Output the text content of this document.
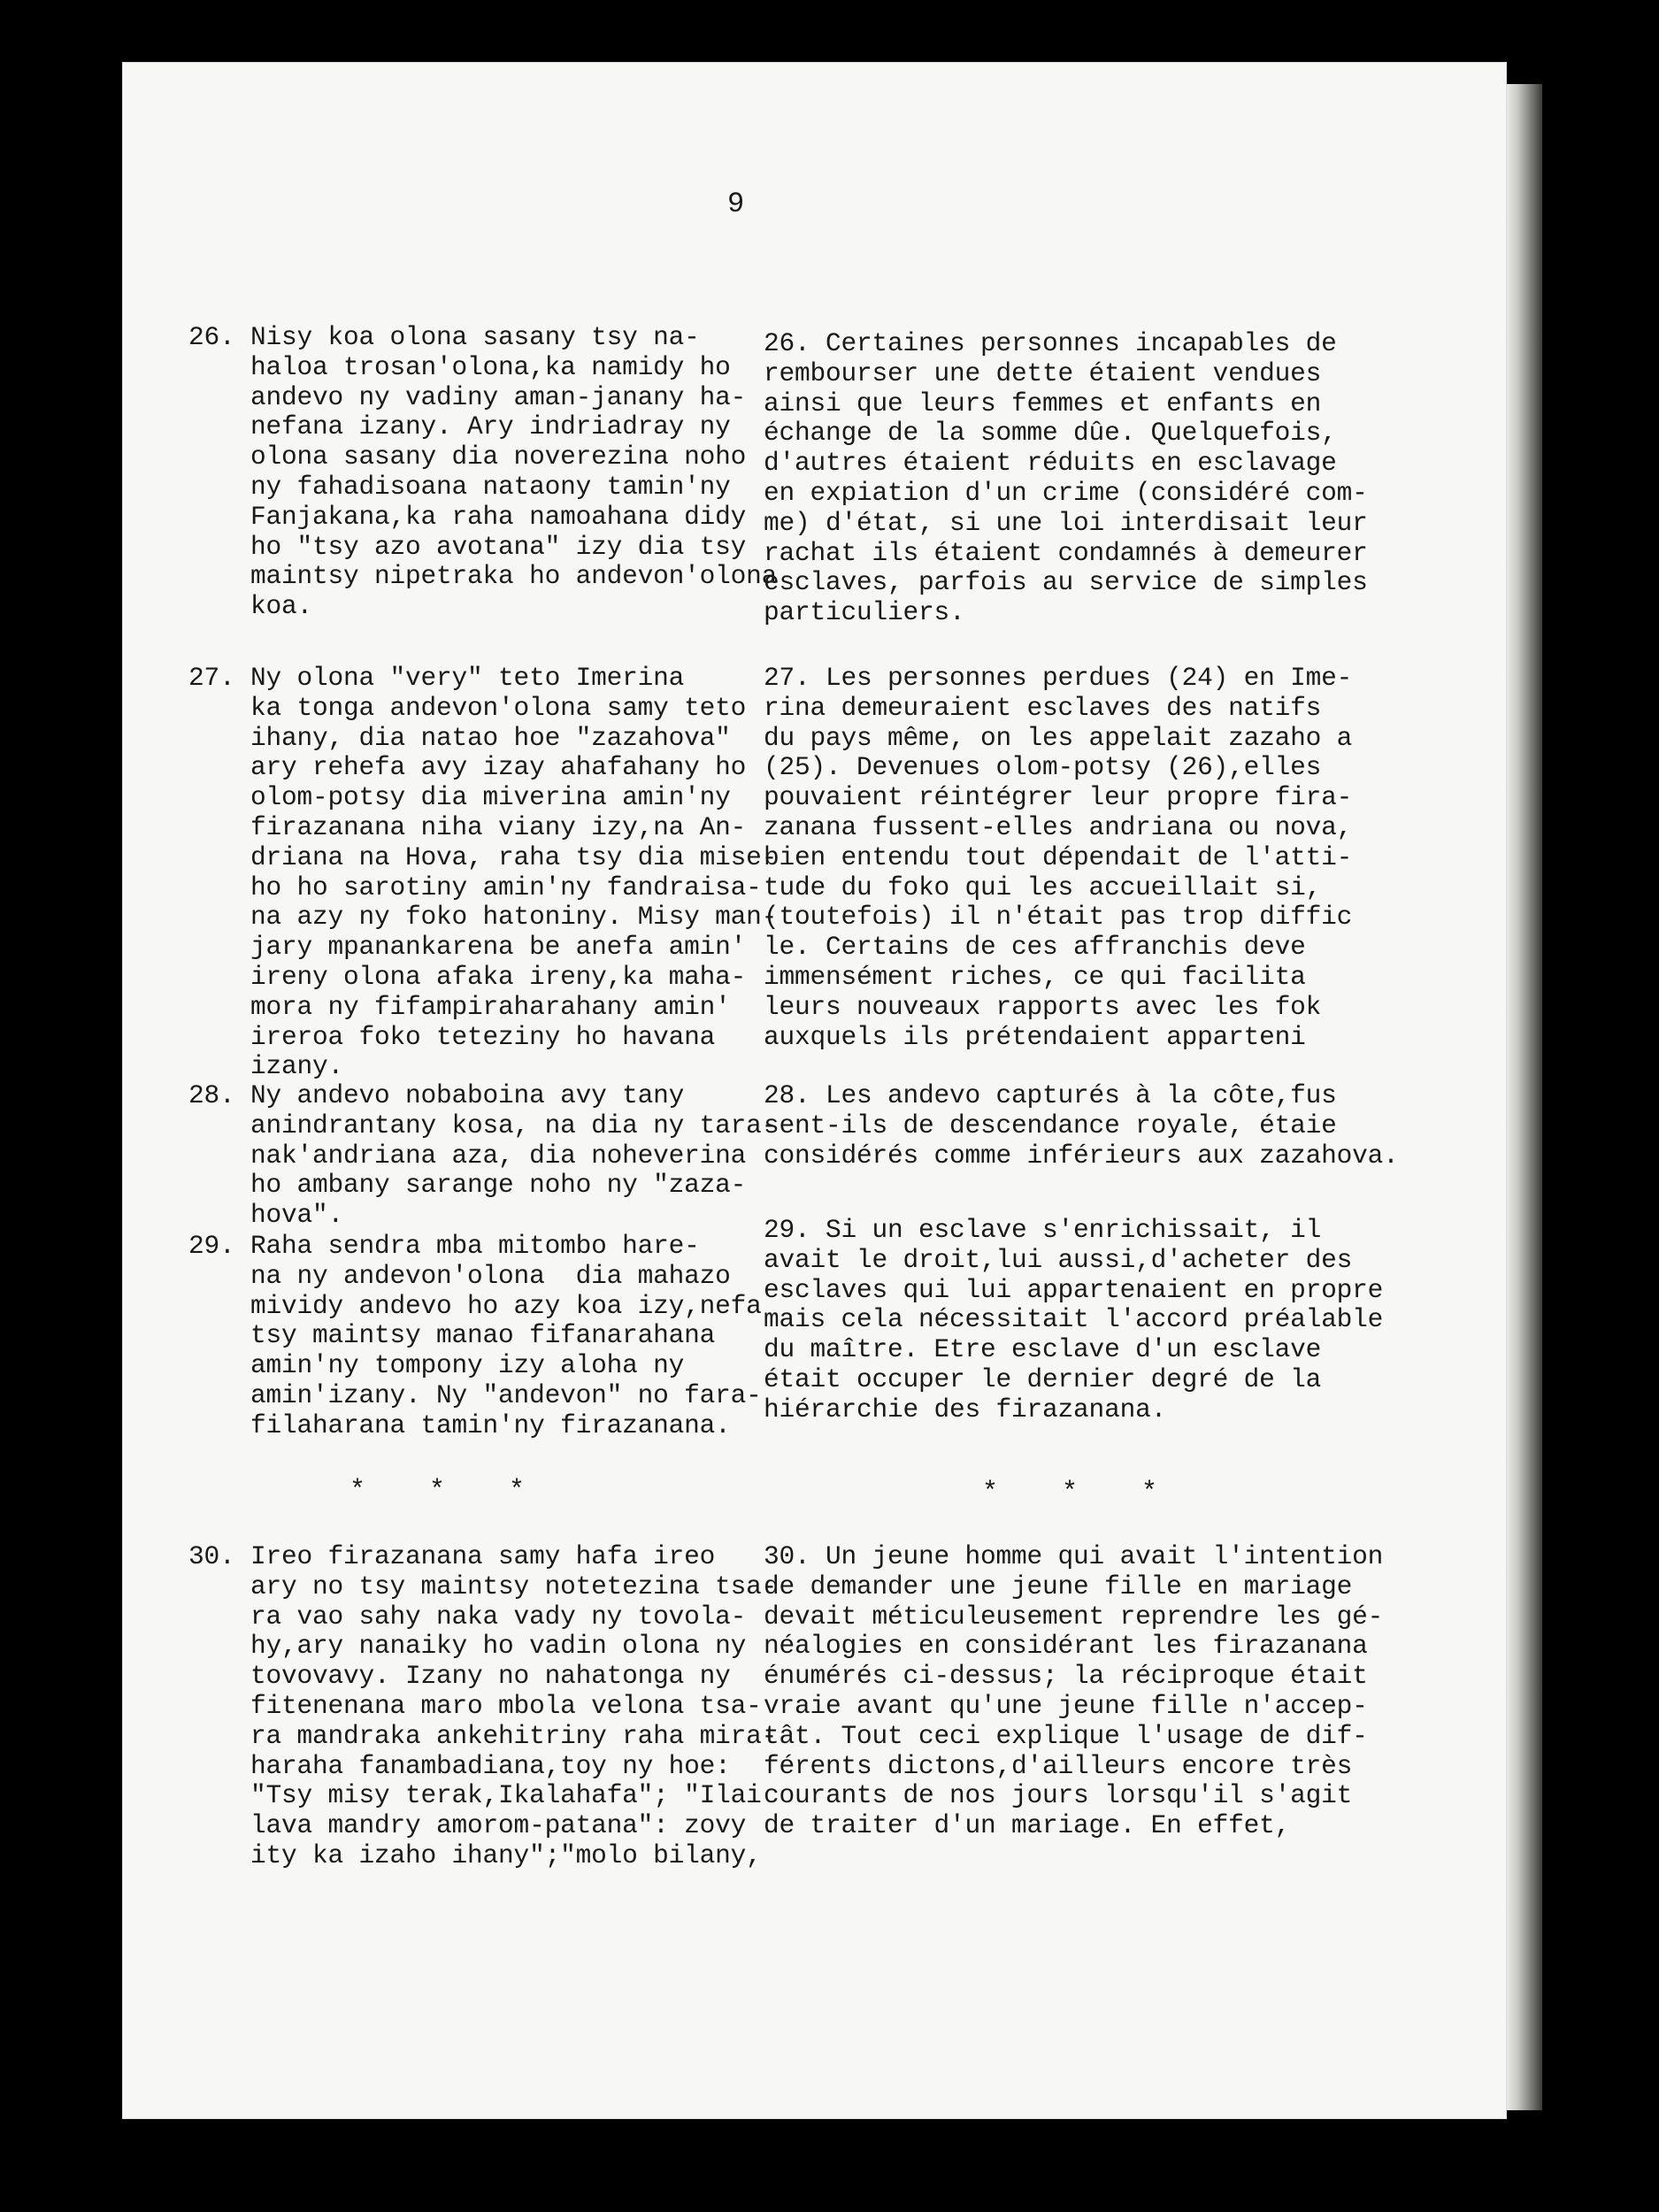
9

26. Nisy koa olona sasany tsy na-
haloa trosan'olona,ka namidy ho
andevo ny vadiny aman-janany ha-
nefana izany. Ary indriadray ny
olona sasany dia noverezina noho
ny fahadisoana nataony tamin'ny
Fanjakana,ka raha namoahana didy
ho "tsy azo avotana" izy dia tsy
maintsy nipetraka ho andevon'olona
koa.

27. Ny olona "very" teto Imerina
ka tonga andevon'olona samy teto
ihany, dia natao hoe "zazahova"
ary rehefa avy izay ahafahany ho
olom-potsy dia miverina amin'ny
firazanana niha viany izy,na An-
driana na Hova, raha tsy dia mise-
ho ho sarotiny amin'ny fandraisa-
na azy ny foko hatoniny. Misy man-
jary mpanankarena be anefa amin'
ireny olona afaka ireny,ka maha-
mora ny fifampiraharahany amin'
ireroa foko teteziny ho havana
izany.

28. Ny andevo nobaboina avy tany
anindrantany kosa, na dia ny tara-
nak'andriana aza, dia noheverina
ho ambany sarange noho ny "zaza-
hova".

29. Raha sendra mba mitombo hare-
na ny andevon'olona  dia mahazo
mividy andevo ho azy koa izy,nefa
tsy maintsy manao fifanarahana
amin'ny tompony izy aloha ny
amin'izany. Ny "andevon" no fara-
filaharana tamin'ny firazanana.

*    *    *

30. Ireo firazanana samy hafa ireo
ary no tsy maintsy notetezina tsa-
ra vao sahy naka vady ny tovola-
hy,ary nanaiky ho vadin olona ny
tovovavy. Izany no nahatonga ny
fitenenana maro mbola velona tsa-
ra mandraka ankehitriny raha mira-
haraha fanambadiana,toy ny hoe:
"Tsy misy terak,Ikalahafa"; "Ilai
lava mandry amorom-patana": zovy
ity ka izaho ihany";"molo bilany,

26. Certaines personnes incapables de
rembourser une dette étaient vendues
ainsi que leurs femmes et enfants en
échange de la somme dûe. Quelquefois,
d'autres étaient réduits en esclavage
en expiation d'un crime (considéré com-
me) d'état, si une loi interdisait leur
rachat ils étaient condamnés à demeurer
esclaves, parfois au service de simples
particuliers.

27. Les personnes perdues (24) en Ime-
rina demeuraient esclaves des natifs
du pays même, on les appelait zazaho a
(25). Devenues olom-potsy (26),elles
pouvaient réintégrer leur propre fira-
zanana fussent-elles andriana ou nova,
bien entendu tout dépendait de l'atti-
tude du foko qui les accueillait si,
(toutefois) il n'était pas trop diffic
le. Certains de ces affranchis deve
immensément riches, ce qui facilita
leurs nouveaux rapports avec les fok
auxquels ils prétendaient apparteni

28. Les andevo capturés à la côte,fus
sent-ils de descendance royale, étaie
considérés comme inférieurs aux zazahova.

29. Si un esclave s'enrichissait, il
avait le droit,lui aussi,d'acheter des
esclaves qui lui appartenaient en propre
mais cela nécessitait l'accord préalable
du maître. Etre esclave d'un esclave
était occuper le dernier degré de la
hiérarchie des firazanana.

*    *    *

30. Un jeune homme qui avait l'intention
de demander une jeune fille en mariage
devait méticuleusement reprendre les gé-
néalogies en considérant les firazanana
énumérés ci-dessus; la réciproque était
vraie avant qu'une jeune fille n'accep-
tât. Tout ceci explique l'usage de dif-
férents dictons,d'ailleurs encore très
courants de nos jours lorsqu'il s'agit
de traiter d'un mariage. En effet,
